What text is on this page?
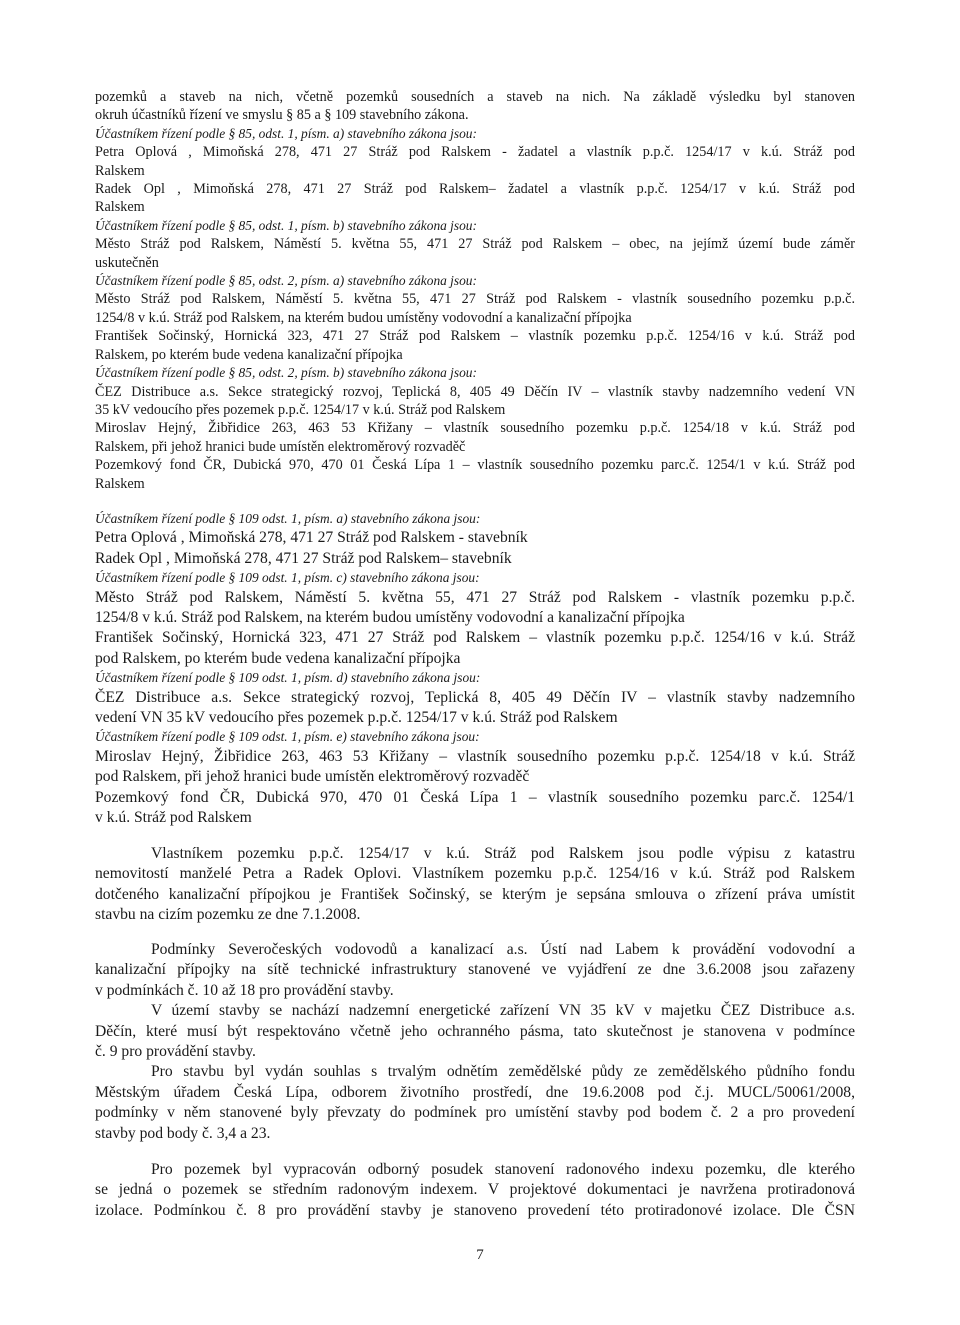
pozemků a staveb na nich, včetně pozemků sousedních a staveb na nich. Na základě výsledku byl stanoven
okruh účastníků řízení ve smyslu § 85 a § 109 stavebního zákona.
Účastníkem řízení podle § 85, odst. 1, písm. a) stavebního zákona jsou:
Petra Oplová , Mimoňská 278, 471 27 Stráž pod Ralskem - žadatel a vlastník p.p.č. 1254/17 v k.ú. Stráž pod
Ralskem
Radek Opl , Mimoňská 278, 471 27 Stráž pod Ralskem– žadatel a vlastník p.p.č. 1254/17 v k.ú. Stráž pod
Ralskem
Účastníkem řízení podle § 85, odst. 1, písm. b) stavebního zákona jsou:
Město Stráž pod Ralskem, Náměstí 5. května 55, 471 27 Stráž pod Ralskem – obec, na jejímž území bude záměr
uskutečněn
Účastníkem řízení podle § 85, odst. 2, písm. a) stavebního zákona jsou:
Město Stráž pod Ralskem, Náměstí 5. května 55, 471 27 Stráž pod Ralskem - vlastník sousedního pozemku p.p.č.
1254/8 v k.ú. Stráž pod Ralskem, na kterém budou umístěny vodovodní a kanalizační přípojka
František Sočinský, Hornická 323, 471 27 Stráž pod Ralskem – vlastník pozemku p.p.č. 1254/16 v k.ú. Stráž pod
Ralskem, po kterém bude vedena kanalizační přípojka
Účastníkem řízení podle § 85, odst. 2, písm. b) stavebního zákona jsou:
ČEZ Distribuce a.s. Sekce strategický rozvoj, Teplická 8, 405 49 Děčín IV – vlastník stavby nadzemního vedení VN
35 kV vedoucího přes pozemek p.p.č. 1254/17 v k.ú. Stráž pod Ralskem
Miroslav Hejný, Žibřidice 263, 463 53 Křižany – vlastník sousedního pozemku p.p.č. 1254/18 v k.ú. Stráž pod
Ralskem, při jehož hranici bude umístěn elektroměrový rozvaděč
Pozemkový fond ČR, Dubická 970, 470 01 Česká Lípa 1 – vlastník sousedního pozemku parc.č. 1254/1 v k.ú. Stráž pod
Ralskem
Účastníkem řízení podle § 109 odst. 1, písm. a) stavebního zákona jsou:
Petra Oplová , Mimoňská 278, 471 27 Stráž pod Ralskem - stavebník
Radek Opl , Mimoňská 278, 471 27 Stráž pod Ralskem– stavebník
Účastníkem řízení podle § 109 odst. 1, písm. c) stavebního zákona jsou:
Město Stráž pod Ralskem, Náměstí 5. května 55, 471 27 Stráž pod Ralskem - vlastník pozemku p.p.č.
1254/8 v k.ú. Stráž pod Ralskem, na kterém budou umístěny vodovodní a kanalizační přípojka
František Sočinský, Hornická 323, 471 27 Stráž pod Ralskem – vlastník pozemku p.p.č. 1254/16 v k.ú. Stráž
pod Ralskem, po kterém bude vedena kanalizační přípojka
Účastníkem řízení podle § 109 odst. 1, písm. d) stavebního zákona jsou:
ČEZ Distribuce a.s. Sekce strategický rozvoj, Teplická 8, 405 49 Děčín IV – vlastník stavby nadzemního
vedení VN 35 kV vedoucího přes pozemek p.p.č. 1254/17 v k.ú. Stráž pod Ralskem
Účastníkem řízení podle § 109 odst. 1, písm. e) stavebního zákona jsou:
Miroslav Hejný, Žibřidice 263, 463 53 Křižany – vlastník sousedního pozemku p.p.č. 1254/18 v k.ú. Stráž
pod Ralskem, při jehož hranici bude umístěn elektroměrový rozvaděč
Pozemkový fond ČR, Dubická 970, 470 01 Česká Lípa 1 – vlastník sousedního pozemku parc.č. 1254/1
v k.ú. Stráž pod Ralskem
Vlastníkem pozemku p.p.č. 1254/17 v k.ú. Stráž pod Ralskem jsou podle výpisu z katastru
nemovitostí manželé Petra a Radek Oplovi. Vlastníkem pozemku p.p.č. 1254/16 v k.ú. Stráž pod Ralskem
dotčeného kanalizační přípojkou je František Sočinský, se kterým je sepsána smlouva o zřízení práva umístit
stavbu na cizím pozemku ze dne 7.1.2008.
Podmínky Severočeských vodovodů a kanalizací a.s. Ústí nad Labem k provádění vodovodní a
kanalizační přípojky na sítě technické infrastruktury stanovené ve vyjádření ze dne 3.6.2008 jsou zařazeny
v podmínkách č. 10 až 18 pro provádění stavby.
V území stavby se nachází nadzemní energetické zařízení VN 35 kV v majetku ČEZ Distribuce a.s.
Děčín, které musí být respektováno včetně jeho ochranného pásma, tato skutečnost je stanovena v podmínce
č. 9 pro provádění stavby.
Pro stavbu byl vydán souhlas s trvalým odnětím zemědělské půdy ze zemědělského půdního fondu
Městským úřadem Česká Lípa, odborem životního prostředí, dne 19.6.2008 pod č.j. MUCL/50061/2008,
podmínky v něm stanovené byly převzaty do podmínek pro umístění stavby pod bodem č. 2 a pro provedení
stavby pod body č. 3,4 a 23.
Pro pozemek byl vypracován odborný posudek stanovení radonového indexu pozemku, dle kterého
se jedná o pozemek se středním radonovým indexem. V projektové dokumentaci je navržena protiradonová
izolace. Podmínkou č. 8 pro provádění stavby je stanoveno provedení této protiradonové izolace. Dle ČSN
7
